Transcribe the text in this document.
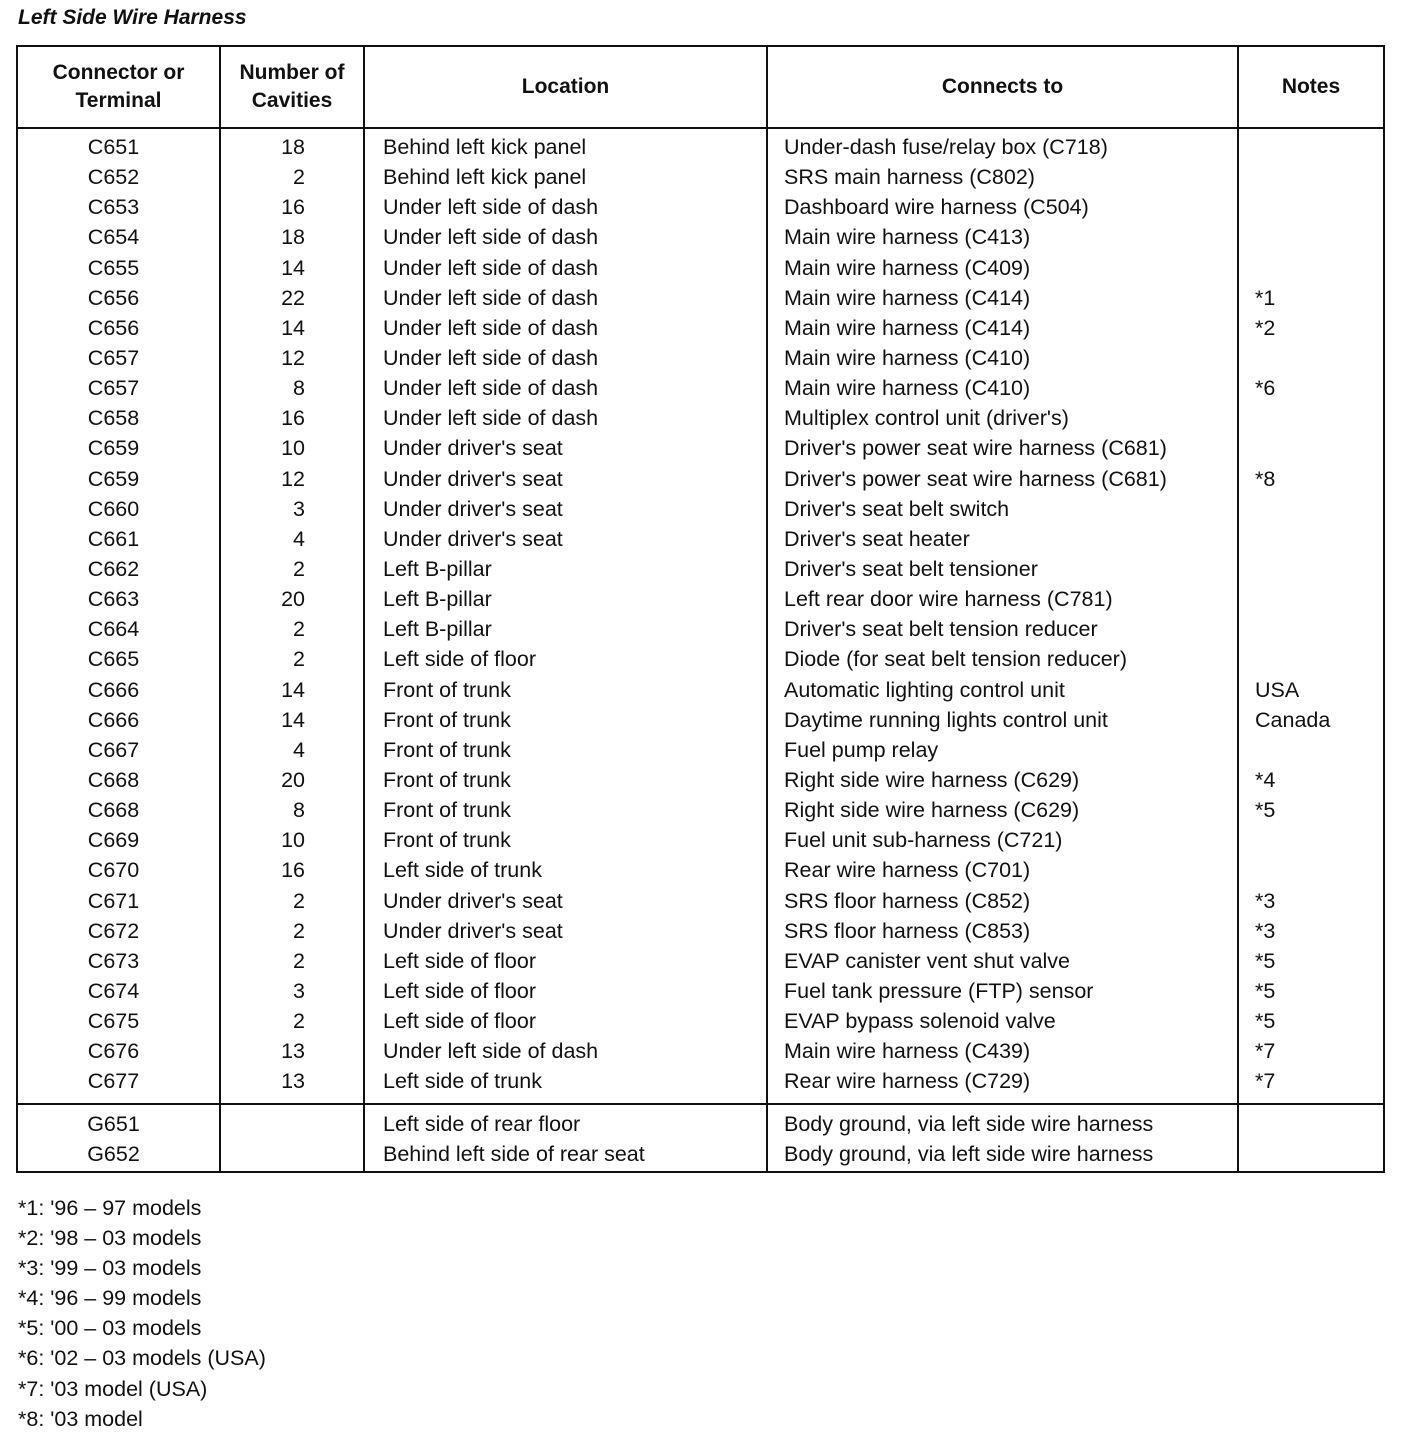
Left Side Wire Harness
Connector or Terminal	Number of Cavities	Location	Connects to	Notes
C651	18	Behind left kick panel	Under-dash fuse/relay box (C718)	
C652	2	Behind left kick panel	SRS main harness (C802)	
C653	16	Under left side of dash	Dashboard wire harness (C504)	
C654	18	Under left side of dash	Main wire harness (C413)	
C655	14	Under left side of dash	Main wire harness (C409)	
C656	22	Under left side of dash	Main wire harness (C414)	*1
C656	14	Under left side of dash	Main wire harness (C414)	*2
C657	12	Under left side of dash	Main wire harness (C410)	
C657	8	Under left side of dash	Main wire harness (C410)	*6
C658	16	Under left side of dash	Multiplex control unit (driver's)	
C659	10	Under driver's seat	Driver's power seat wire harness (C681)	
C659	12	Under driver's seat	Driver's power seat wire harness (C681)	*8
C660	3	Under driver's seat	Driver's seat belt switch	
C661	4	Under driver's seat	Driver's seat heater	
C662	2	Left B-pillar	Driver's seat belt tensioner	
C663	20	Left B-pillar	Left rear door wire harness (C781)	
C664	2	Left B-pillar	Driver's seat belt tension reducer	
C665	2	Left side of floor	Diode (for seat belt tension reducer)	
C666	14	Front of trunk	Automatic lighting control unit	USA
C666	14	Front of trunk	Daytime running lights control unit	Canada
C667	4	Front of trunk	Fuel pump relay	
C668	20	Front of trunk	Right side wire harness (C629)	*4
C668	8	Front of trunk	Right side wire harness (C629)	*5
C669	10	Front of trunk	Fuel unit sub-harness (C721)	
C670	16	Left side of trunk	Rear wire harness (C701)	
C671	2	Under driver's seat	SRS floor harness (C852)	*3
C672	2	Under driver's seat	SRS floor harness (C853)	*3
C673	2	Left side of floor	EVAP canister vent shut valve	*5
C674	3	Left side of floor	Fuel tank pressure (FTP) sensor	*5
C675	2	Left side of floor	EVAP bypass solenoid valve	*5
C676	13	Under left side of dash	Main wire harness (C439)	*7
C677	13	Left side of trunk	Rear wire harness (C729)	*7
G651		Left side of rear floor	Body ground, via left side wire harness	
G652		Behind left side of rear seat	Body ground, via left side wire harness	
*1: '96 – 97 models
*2: '98 – 03 models
*3: '99 – 03 models
*4: '96 – 99 models
*5: '00 – 03 models
*6: '02 – 03 models (USA)
*7: '03 model (USA)
*8: '03 model
